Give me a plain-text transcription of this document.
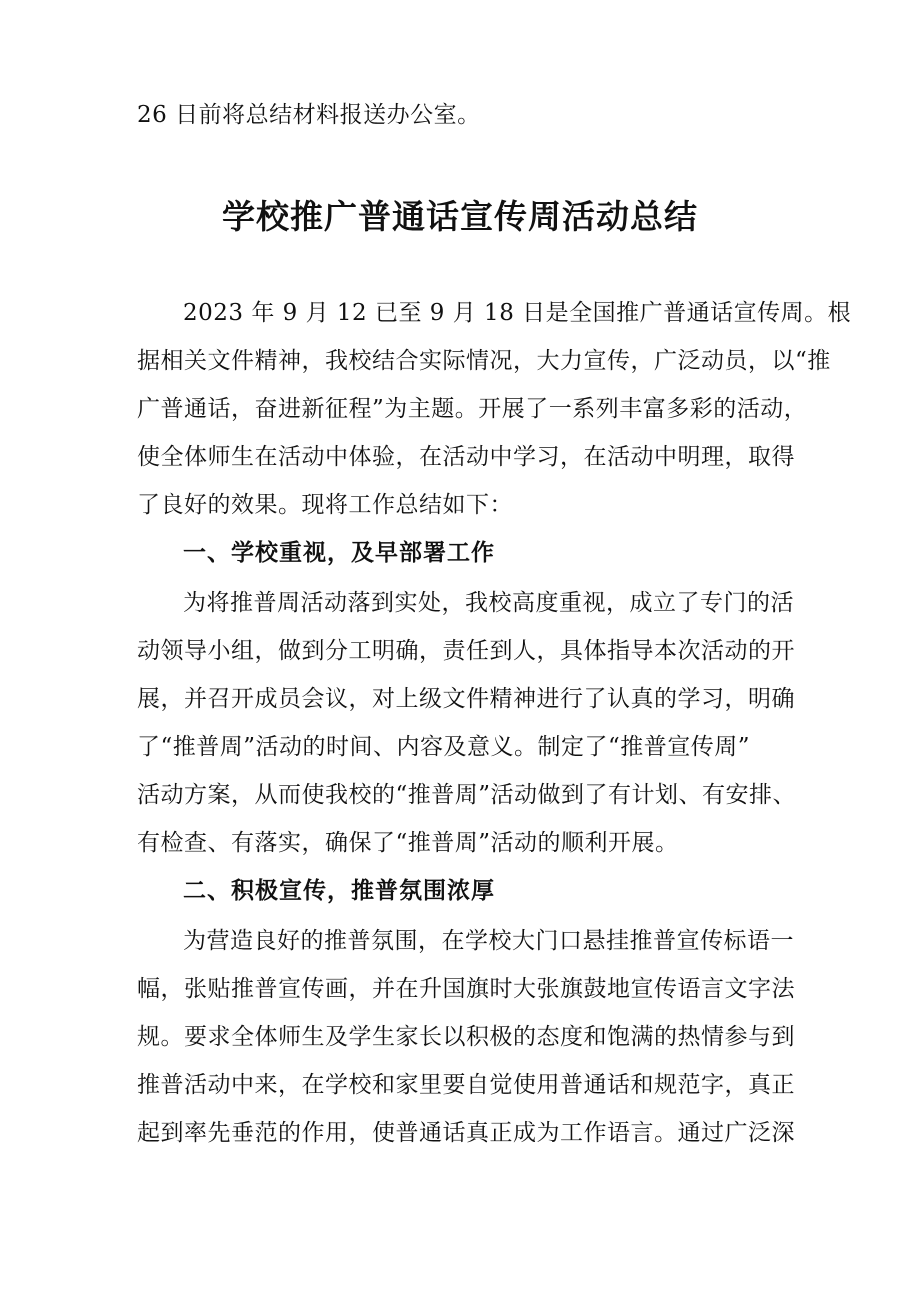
26 日前将总结材料报送办公室。

学校推广普通话宣传周活动总结

2023 年 9 月 12 已至 9 月 18 日是全国推广普通话宣传周。根

据相关文件精神，我校结合实际情况，大力宣传，广泛动员，以“推

广普通话，奋进新征程”为主题。开展了一系列丰富多彩的活动，

使全体师生在活动中体验，在活动中学习，在活动中明理，取得

了良好的效果。现将工作总结如下：

一、学校重视，及早部署工作

为将推普周活动落到实处，我校高度重视，成立了专门的活

动领导小组，做到分工明确，责任到人，具体指导本次活动的开

展，并召开成员会议，对上级文件精神进行了认真的学习，明确

了“推普周”活动的时间、内容及意义。制定了“推普宣传周”

活动方案，从而使我校的“推普周”活动做到了有计划、有安排、

有检查、有落实，确保了“推普周”活动的顺利开展。

二、积极宣传，推普氛围浓厚

为营造良好的推普氛围，在学校大门口悬挂推普宣传标语一

幅，张贴推普宣传画，并在升国旗时大张旗鼓地宣传语言文字法

规。要求全体师生及学生家长以积极的态度和饱满的热情参与到

推普活动中来，在学校和家里要自觉使用普通话和规范字，真正

起到率先垂范的作用，使普通话真正成为工作语言。通过广泛深
